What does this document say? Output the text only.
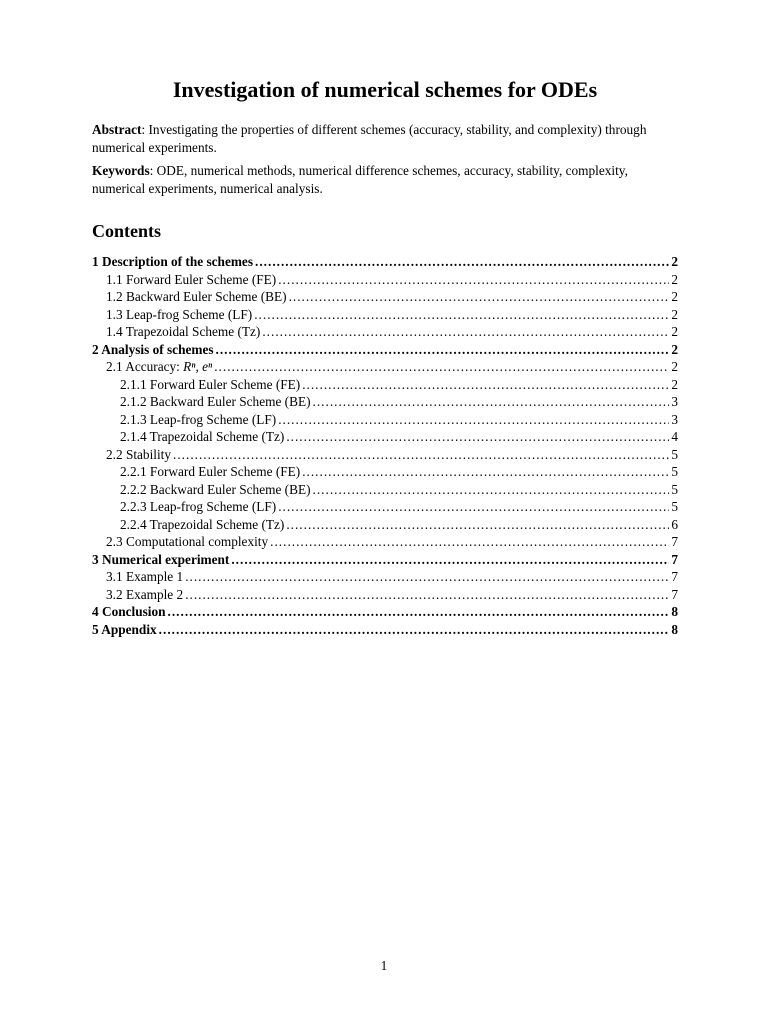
Investigation of numerical schemes for ODEs

Abstract: Investigating the properties of different schemes (accuracy, stability, and complexity) through numerical experiments.

Keywords: ODE, numerical methods, numerical difference schemes, accuracy, stability, complexity, numerical experiments, numerical analysis.

Contents
1 Description of the schemes .....	2
1.1 Forward Euler Scheme (FE) .....	2
1.2 Backward Euler Scheme (BE) .....	2
1.3 Leap-frog Scheme (LF) .....	2
1.4 Trapezoidal Scheme (Tz) .....	2
2 Analysis of schemes .....	2
2.1 Accuracy: Rⁿ, eⁿ .....	2
2.1.1 Forward Euler Scheme (FE) .....	2
2.1.2 Backward Euler Scheme (BE) .....	3
2.1.3 Leap-frog Scheme (LF) .....	3
2.1.4 Trapezoidal Scheme (Tz) .....	4
2.2 Stability .....	5
2.2.1 Forward Euler Scheme (FE) .....	5
2.2.2 Backward Euler Scheme (BE) .....	5
2.2.3 Leap-frog Scheme (LF) .....	5
2.2.4 Trapezoidal Scheme (Tz) .....	6
2.3 Computational complexity .....	7
3 Numerical experiment .....	7
3.1 Example 1 .....	7
3.2 Example 2 .....	7
4 Conclusion .....	8
5 Appendix .....	8
1
